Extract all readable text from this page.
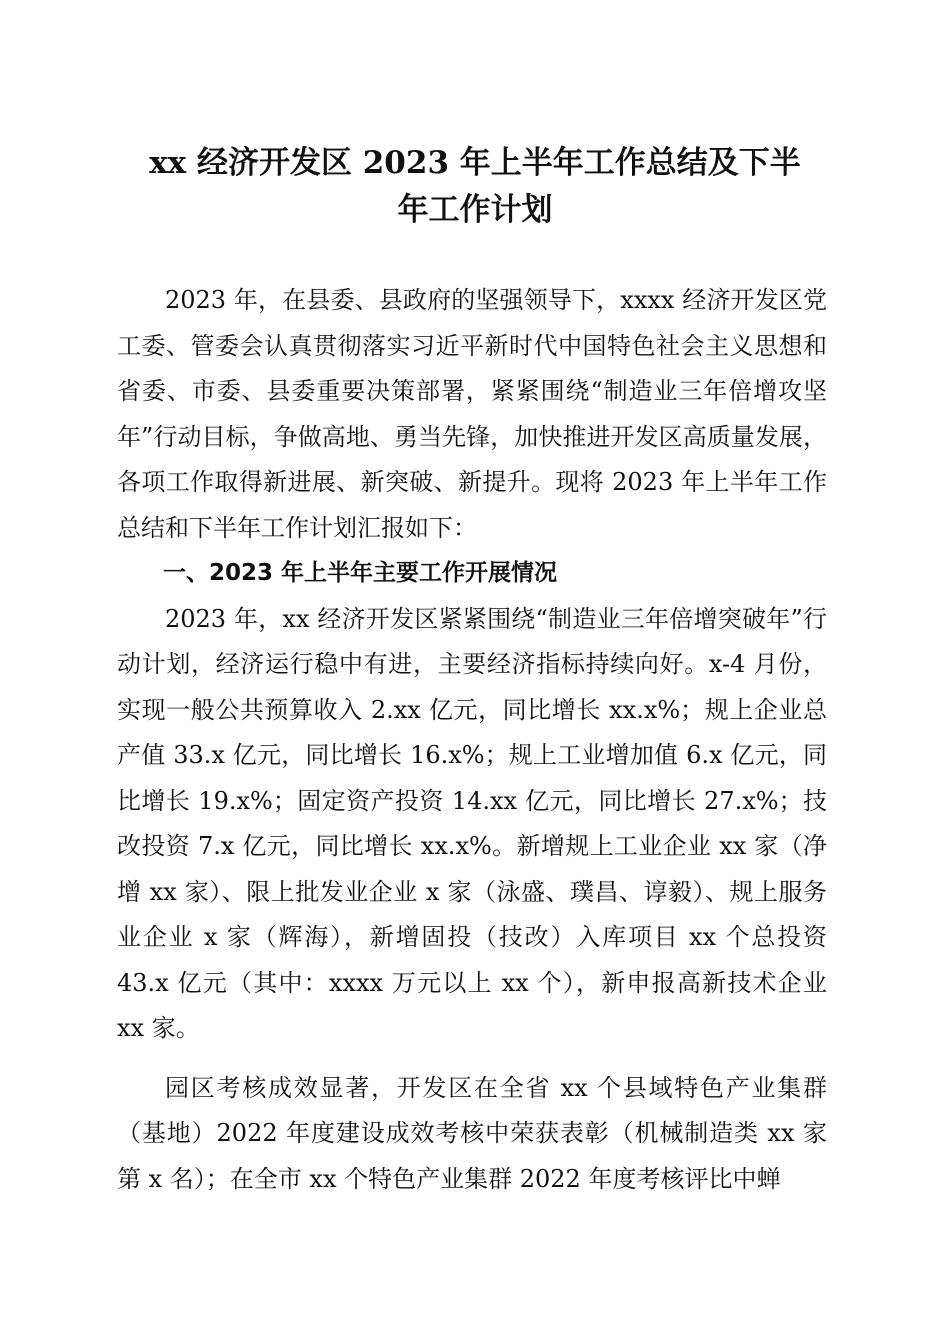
xx 经济开发区 2023 年上半年工作总结及下半
年工作计划

2023 年，在县委、县政府的坚强领导下，xxxx 经济开发区党工委、管委会认真贯彻落实习近平新时代中国特色社会主义思想和省委、市委、县委重要决策部署，紧紧围绕“制造业三年倍增攻坚年”行动目标，争做高地、勇当先锋，加快推进开发区高质量发展，各项工作取得新进展、新突破、新提升。现将 2023 年上半年工作总结和下半年工作计划汇报如下：

一、2023 年上半年主要工作开展情况

2023 年，xx 经济开发区紧紧围绕“制造业三年倍增突破年”行动计划，经济运行稳中有进，主要经济指标持续向好。x-4 月份，实现一般公共预算收入 2.xx 亿元，同比增长 xx.x%；规上企业总产值 33.x 亿元，同比增长 16.x%；规上工业增加值 6.x 亿元，同比增长 19.x%；固定资产投资 14.xx 亿元，同比增长 27.x%；技改投资 7.x 亿元，同比增长 xx.x%。新增规上工业企业 xx 家（净增 xx 家）、限上批发业企业 x 家（泳盛、璞昌、谆毅）、规上服务业企业 x 家（辉海），新增固投（技改）入库项目 xx 个总投资 43.x 亿元（其中：xxxx 万元以上 xx 个），新申报高新技术企业 xx 家。

园区考核成效显著，开发区在全省 xx 个县域特色产业集群（基地）2022 年度建设成效考核中荣获表彰（机械制造类 xx 家第 x 名）；在全市 xx 个特色产业集群 2022 年度考核评比中蝉
